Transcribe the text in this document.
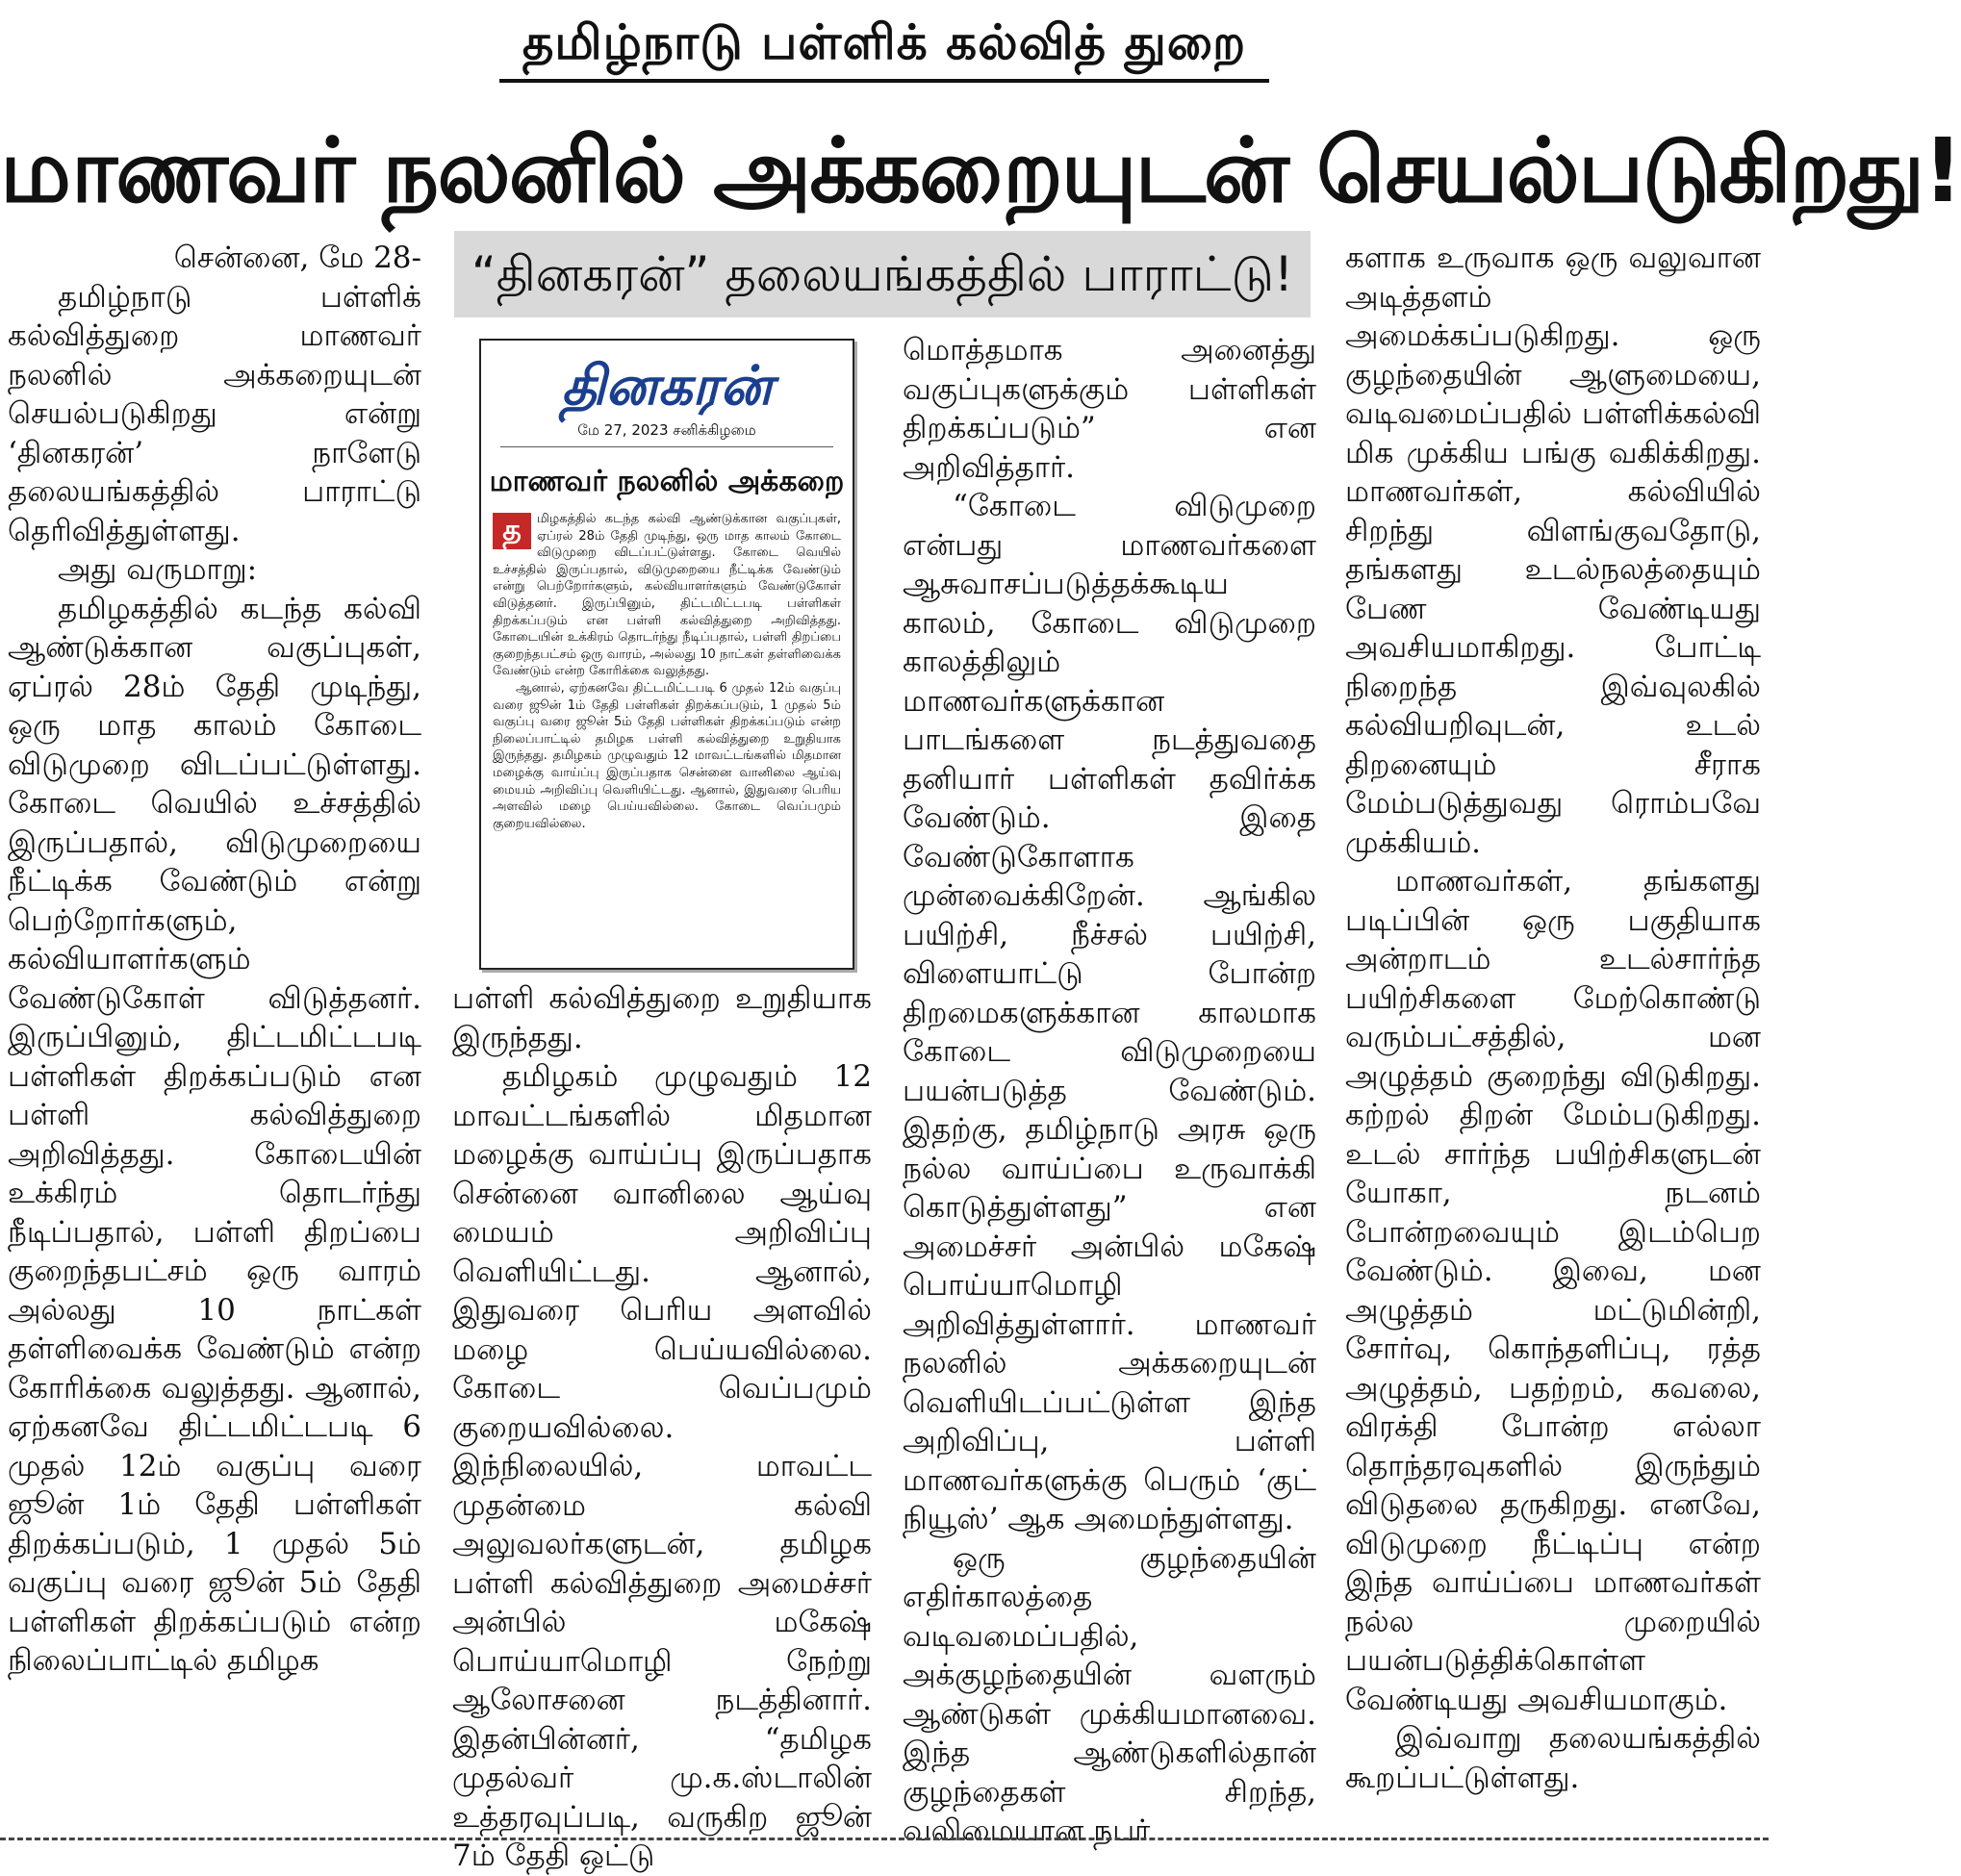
தமிழ்நாடு பள்ளிக் கல்வித் துறை
மாணவர் நலனில் அக்கறையுடன் செயல்படுகிறது!

சென்னை, மே 28-

தமிழ்நாடு பள்ளிக் கல்வித்துறை மாணவர் நலனில் அக்கறையுடன் செயல்படுகிறது என்று ‘தினகரன்’ நாளேடு தலையங்கத்தில் பாராட்டு தெரிவித்துள்ளது.

அது வருமாறு:

தமிழகத்தில் கடந்த கல்வி ஆண்டுக்கான வகுப்புகள், ஏப்ரல் 28ம் தேதி முடிந்து, ஒரு மாத காலம் கோடை விடுமுறை விடப்பட்டுள்ளது. கோடை வெயில் உச்சத்தில் இருப்பதால், விடுமுறையை நீட்டிக்க வேண்டும் என்று பெற்றோர்களும், கல்வியாளர்களும் வேண்டுகோள் விடுத்தனர். இருப்பினும், திட்டமிட்டபடி பள்ளிகள் திறக்கப்படும் என பள்ளி கல்வித்துறை அறிவித்தது. கோடையின் உக்கிரம் தொடர்ந்து நீடிப்பதால், பள்ளி திறப்பை குறைந்தபட்சம் ஒரு வாரம் அல்லது 10 நாட்கள் தள்ளிவைக்க வேண்டும் என்ற கோரிக்கை வலுத்தது. ஆனால், ஏற்கனவே திட்டமிட்டபடி 6 முதல் 12ம் வகுப்பு வரை ஜூன் 1ம் தேதி பள்ளிகள் திறக்கப்படும், 1 முதல் 5ம் வகுப்பு வரை ஜூன் 5ம் தேதி பள்ளிகள் திறக்கப்படும் என்ற நிலைப்பாட்டில் தமிழக

“தினகரன்” தலையங்கத்தில் பாராட்டு!
தினகரன்
மே 27, 2023 சனிக்கிழமை
மாணவர் நலனில் அக்கறை
த	மிழகத்தில் கடந்த கல்வி ஆண்டுக்கான வகுப்புகள், ஏப்ரல் 28ம் தேதி முடிந்து, ஒரு மாத காலம் கோடை விடுமுறை விடப்பட்டுள்ளது. கோடை வெயில் உச்சத்தில் இருப்பதால், விடுமுறையை நீட்டிக்க வேண்டும் என்று பெற்றோர்களும், கல்வியாளர்களும் வேண்டுகோள் விடுத்தனர். இருப்பினும், திட்டமிட்டபடி பள்ளிகள் திறக்கப்படும் என பள்ளி கல்வித்துறை அறிவித்தது. கோடையின் உக்கிரம் தொடர்ந்து நீடிப்பதால், பள்ளி திறப்பை குறைந்தபட்சம் ஒரு வாரம், அல்லது 10 நாட்கள் தள்ளிவைக்க வேண்டும் என்ற கோரிக்கை வலுத்தது.

ஆனால், ஏற்கனவே திட்டமிட்டபடி 6 முதல் 12ம் வகுப்பு வரை ஜூன் 1ம் தேதி பள்ளிகள் திறக்கப்படும், 1 முதல் 5ம் வகுப்பு வரை ஜூன் 5ம் தேதி பள்ளிகள் திறக்கப்படும் என்ற நிலைப்பாட்டில் தமிழக பள்ளி கல்வித்துறை உறுதியாக இருந்தது. தமிழகம் முழுவதும் 12 மாவட்டங்களில் மிதமான மழைக்கு வாய்ப்பு இருப்பதாக சென்னை வானிலை ஆய்வு மையம் அறிவிப்பு வெளியிட்டது. ஆனால், இதுவரை பெரிய அளவில் மழை பெய்யவில்லை. கோடை வெப்பமும் குறையவில்லை.

பள்ளி கல்வித்துறை உறுதியாக இருந்தது.

தமிழகம் முழுவதும் 12 மாவட்டங்களில் மிதமான மழைக்கு வாய்ப்பு இருப்பதாக சென்னை வானிலை ஆய்வு மையம் அறிவிப்பு வெளியிட்டது. ஆனால், இதுவரை பெரிய அளவில் மழை பெய்யவில்லை. கோடை வெப்பமும் குறையவில்லை. இந்நிலையில், மாவட்ட முதன்மை கல்வி அலுவலர்களுடன், தமிழக பள்ளி கல்வித்துறை அமைச்சர் அன்பில் மகேஷ் பொய்யாமொழி நேற்று ஆலோசனை நடத்தினார். இதன்பின்னர், “தமிழக முதல்வர் மு.க.ஸ்டாலின் உத்தரவுப்படி, வருகிற ஜூன் 7ம் தேதி ஒட்டு

மொத்தமாக அனைத்து வகுப்புகளுக்கும் பள்ளிகள் திறக்கப்படும்” என அறிவித்தார்.

“கோடை விடுமுறை என்பது மாணவர்களை ஆசுவாசப்படுத்தக்கூடிய காலம், கோடை விடுமுறை காலத்திலும் மாணவர்களுக்கான பாடங்களை நடத்துவதை தனியார் பள்ளிகள் தவிர்க்க வேண்டும். இதை வேண்டுகோளாக முன்வைக்கிறேன். ஆங்கில பயிற்சி, நீச்சல் பயிற்சி, விளையாட்டு போன்ற திறமைகளுக்கான காலமாக கோடை விடுமுறையை பயன்படுத்த வேண்டும். இதற்கு, தமிழ்நாடு அரசு ஒரு நல்ல வாய்ப்பை உருவாக்கி கொடுத்துள்ளது” என அமைச்சர் அன்பில் மகேஷ் பொய்யாமொழி அறிவித்துள்ளார். மாணவர் நலனில் அக்கறையுடன் வெளியிடப்பட்டுள்ள இந்த அறிவிப்பு, பள்ளி மாணவர்களுக்கு பெரும் ‘குட் நியூஸ்’ ஆக அமைந்துள்ளது.

ஒரு குழந்தையின் எதிர்காலத்தை வடிவமைப்பதில், அக்குழந்தையின் வளரும் ஆண்டுகள் முக்கியமானவை. இந்த ஆண்டுகளில்தான் குழந்தைகள் சிறந்த, வலிமையான நபர்

களாக உருவாக ஒரு வலுவான அடித்தளம் அமைக்கப்படுகிறது. ஒரு குழந்தையின் ஆளுமையை, வடிவமைப்பதில் பள்ளிக்கல்வி மிக முக்கிய பங்கு வகிக்கிறது. மாணவர்கள், கல்வியில் சிறந்து விளங்குவதோடு, தங்களது உடல்நலத்தையும் பேண வேண்டியது அவசியமாகிறது. போட்டி நிறைந்த இவ்வுலகில் கல்வியறிவுடன், உடல் திறனையும் சீராக மேம்படுத்துவது ரொம்பவே முக்கியம்.

மாணவர்கள், தங்களது படிப்பின் ஒரு பகுதியாக அன்றாடம் உடல்சார்ந்த பயிற்சிகளை மேற்கொண்டு வரும்பட்சத்தில், மன அழுத்தம் குறைந்து விடுகிறது. கற்றல் திறன் மேம்படுகிறது. உடல் சார்ந்த பயிற்சிகளுடன் யோகா, நடனம் போன்றவையும் இடம்பெற வேண்டும். இவை, மன அழுத்தம் மட்டுமின்றி, சோர்வு, கொந்தளிப்பு, ரத்த அழுத்தம், பதற்றம், கவலை, விரக்தி போன்ற எல்லா தொந்தரவுகளில் இருந்தும் விடுதலை தருகிறது. எனவே, விடுமுறை நீட்டிப்பு என்ற இந்த வாய்ப்பை மாணவர்கள் நல்ல முறையில் பயன்படுத்திக்கொள்ள வேண்டியது அவசியமாகும்.

இவ்வாறு தலையங்கத்தில் கூறப்பட்டுள்ளது.
